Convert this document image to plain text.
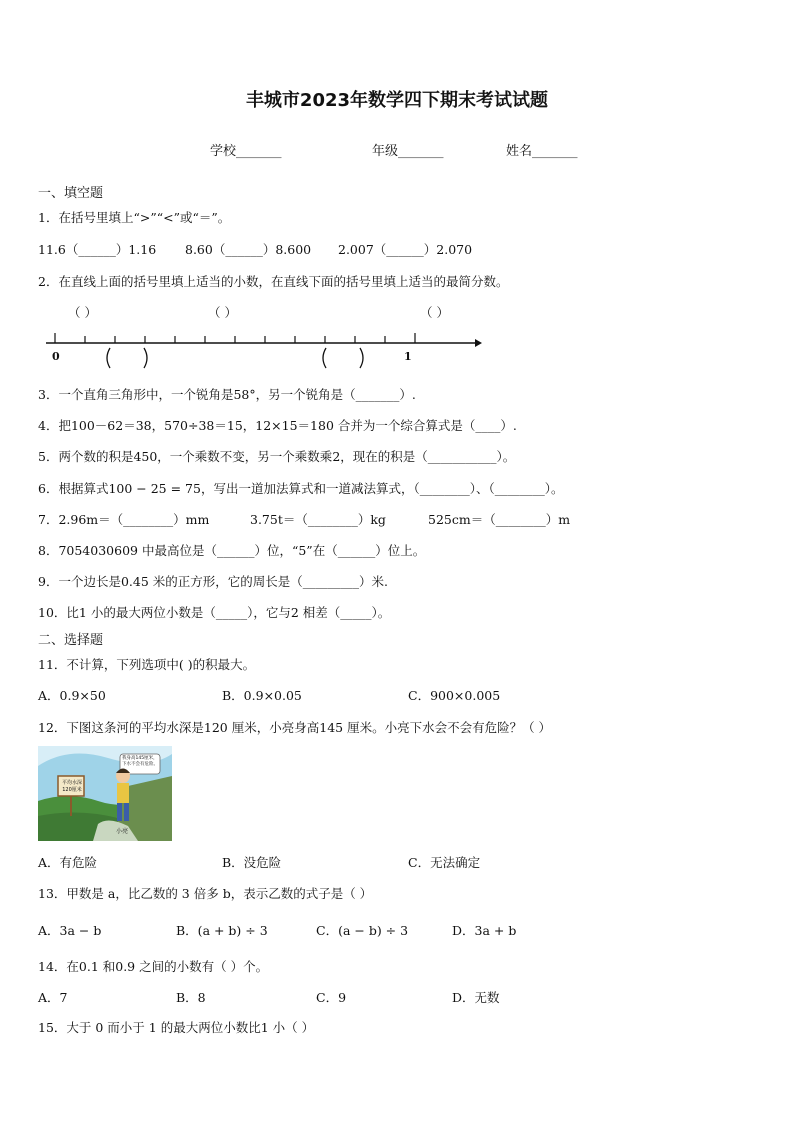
丰城市2023年数学四下期末考试试题
学校_______	年级_______	姓名_______
一、填空题
1．在括号里填上“>”“<”或“＝”。
11.6（______）1.16 8.60（______）8.600 2.007（______）2.070
2．在直线上面的括号里填上适当的小数，在直线下面的括号里填上适当的最简分数。
（ ）	（ ）	（ ）
0	1
3．一个直角三角形中，一个锐角是58°，另一个锐角是（_______）.
4．把100－62＝38，570÷38＝15，12×15＝180 合并为一个综合算式是（____）.
5．两个数的积是450，一个乘数不变，另一个乘数乘2，现在的积是（___________）。
6．根据算式100 − 25 = 75，写出一道加法算式和一道减法算式，（________）、（________）。
7．2.96m＝（________）mm	3.75t＝（________）kg	525cm＝（________）m
8．7054030609 中最高位是（______）位，“5”在（______）位上。
9．一个边长是0.45 米的正方形，它的周长是（_________）米.
10．比1 小的最大两位小数是（_____），它与2 相差（_____）。
二、选择题
11．不计算，下列选项中( )的积最大。
A．0.9×50	B．0.9×0.05	C．900×0.005
12．下图这条河的平均水深是120 厘米，小亮身高145 厘米。小亮下水会不会有危险？（ ）
平均水深 120厘米
我身高145厘米，下水不会有危险。
小亮
A．有危险	B．没危险	C．无法确定
13．甲数是 a，比乙数的 3 倍多 b，表示乙数的式子是（ ）
A．3a − b	B．(a + b) ÷ 3	C．(a − b) ÷ 3	D．3a + b
14．在0.1 和0.9 之间的小数有（ ）个。
A．7	B．8	C．9	D．无数
15．大于 0 而小于 1 的最大两位小数比1 小（ ）
